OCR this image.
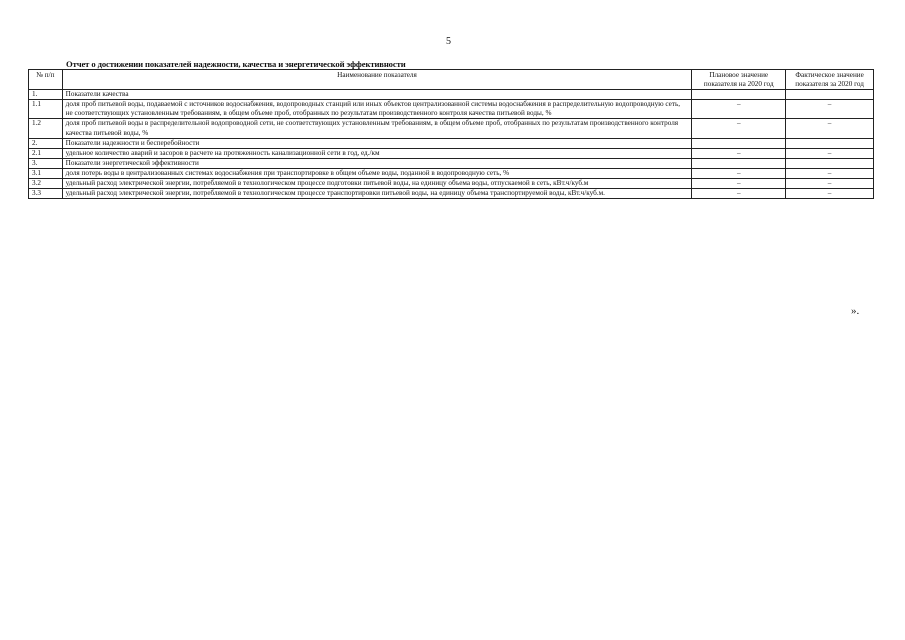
5
Отчет о достижении показателей надежности, качества и энергетической эффективности
№ п/п	Наименование показателя	Плановое значение показателя на 2020 год	Фактическое значение показателя за 2020 год
1.	Показатели качества		
1.1	доля проб питьевой воды, подаваемой с источников водоснабжения, водопроводных станций или иных объектов централизованной системы водоснабжения в распределительную водопроводную сеть, не соответствующих установленным требованиям, в общем объеме проб, отобранных по результатам производственного контроля качества питьевой воды, %	–	–
1.2	доля проб питьевой воды в распределительной водопроводной сети, не соответствующих установленным требованиям, в общем объеме проб, отобранных по результатам производственного контроля качества питьевой воды, %	–	–
2.	Показатели надежности и бесперебойности		
2.1	удельное количество аварий и засоров в расчете на протяженность канализационной сети в год, ед./км	–	–
3.	Показатели энергетической эффективности		
3.1	доля потерь воды в централизованных системах водоснабжения при транспортировке в общем объеме воды, поданной в водопроводную сеть, %	–	–
3.2	удельный расход электрической энергии, потребляемой в технологическом процессе подготовки питьевой воды, на единицу объема воды, отпускаемой в сеть, кВт.ч/куб.м	–	–
3.3	удельный расход электрической энергии, потребляемой в технологическом процессе транспортировки питьевой воды, на единицу объема транспортируемой воды, кВт.ч/куб.м.	–	–
».
